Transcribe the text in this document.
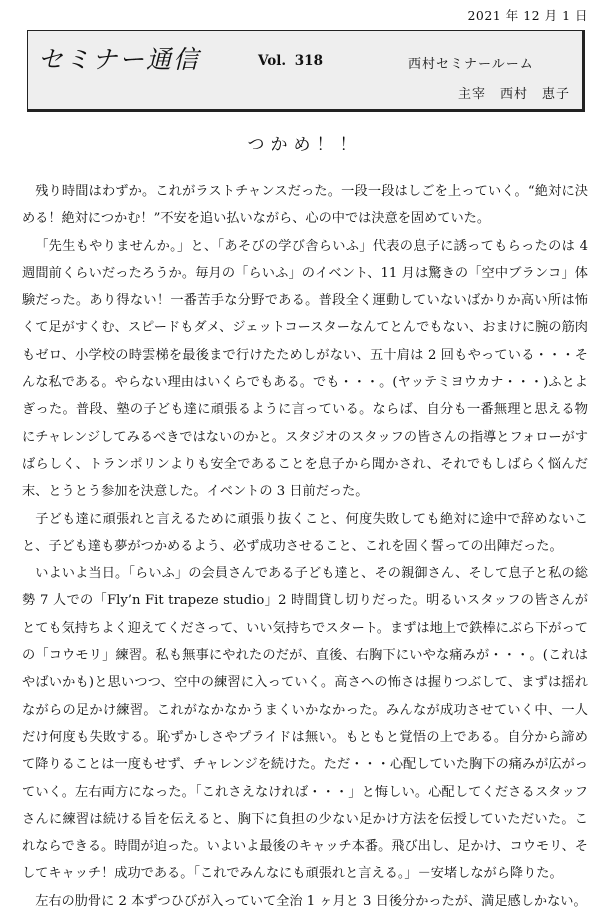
2021 年 12 月 1 日
セミナー通信	Vol. 318	西村セミナールーム
主宰　西村　恵子
つかめ！！

残り時間はわずか。これがラストチャンスだった。一段一段はしごを上っていく。“絶対に決める！絶対につかむ！”不安を追い払いながら、心の中では決意を固めていた。

「先生もやりませんか。」と、「あそびの学び舎らいふ」代表の息子に誘ってもらったのは 4 週間前くらいだったろうか。毎月の「らいふ」のイベント、11 月は驚きの「空中ブランコ」体験だった。あり得ない！一番苦手な分野である。普段全く運動していないばかりか高い所は怖くて足がすくむ、スピードもダメ、ジェットコースターなんてとんでもない、おまけに腕の筋肉もゼロ、小学校の時雲梯を最後まで行けたためしがない、五十肩は 2 回もやっている・・・そんな私である。やらない理由はいくらでもある。でも・・・。(ヤッテミヨウカナ・・・)ふとよぎった。普段、塾の子ども達に頑張るように言っている。ならば、自分も一番無理と思える物にチャレンジしてみるべきではないのかと。スタジオのスタッフの皆さんの指導とフォローがすばらしく、トランポリンよりも安全であることを息子から聞かされ、それでもしばらく悩んだ末、とうとう参加を決意した。イベントの 3 日前だった。

子ども達に頑張れと言えるために頑張り抜くこと、何度失敗しても絶対に途中で辞めないこと、子ども達も夢がつかめるよう、必ず成功させること、これを固く誓っての出陣だった。

いよいよ当日。「らいふ」の会員さんである子ども達と、その親御さん、そして息子と私の総勢 7 人での「Fly’n Fit trapeze studio」2 時間貸し切りだった。明るいスタッフの皆さんがとても気持ちよく迎えてくださって、いい気持ちでスタート。まずは地上で鉄棒にぶら下がっての「コウモリ」練習。私も無事にやれたのだが、直後、右胸下にいやな痛みが・・・。(これはやばいかも)と思いつつ、空中の練習に入っていく。高さへの怖さは握りつぶして、まずは揺れながらの足かけ練習。これがなかなかうまくいかなかった。みんなが成功させていく中、一人だけ何度も失敗する。恥ずかしさやプライドは無い。もともと覚悟の上である。自分から諦めて降りることは一度もせず、チャレンジを続けた。ただ・・・心配していた胸下の痛みが広がっていく。左右両方になった。「これさえなければ・・・」と悔しい。心配してくださるスタッフさんに練習は続ける旨を伝えると、胸下に負担の少ない足かけ方法を伝授していただいた。これならできる。時間が迫った。いよいよ最後のキャッチ本番。飛び出し、足かけ、コウモリ、そしてキャッチ！成功である。「これでみんなにも頑張れと言える。」－安堵しながら降りた。

左右の肋骨に 2 本ずつひびが入っていて全治 1 ヶ月と 3 日後分かったが、満足感しかない。
